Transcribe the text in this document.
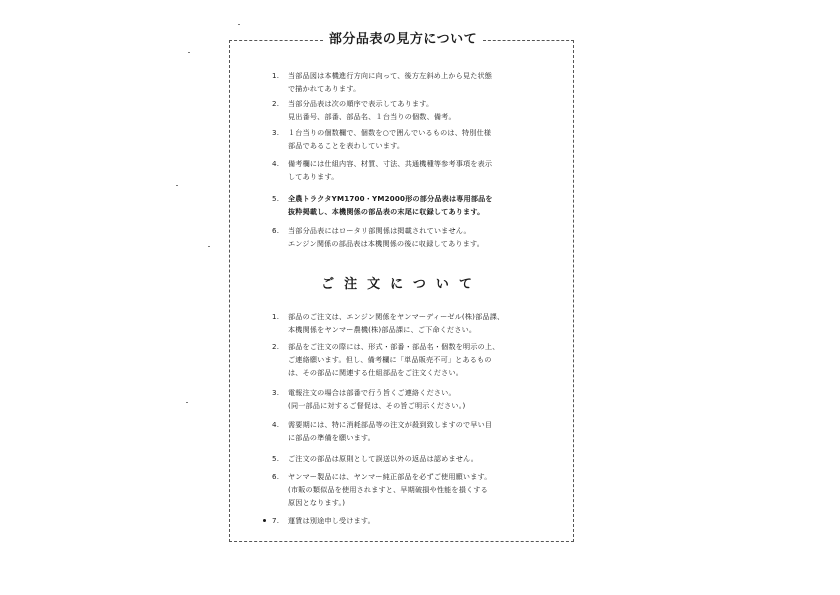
部分品表の見方について
1.	当部品図は本機進行方向に向って、後方左斜め上から見た状態
で描かれてあります。
2.	当部分品表は次の順序で表示してあります。
見出番号、部番、部品名、１台当りの個数、備考。
3.	１台当りの個数欄で、個数を○で囲んでいるものは、特別仕様
部品であることを表わしています。
4.	備考欄には仕組内容、材質、寸法、共通機種等参考事項を表示
してあります。
5.	全農トラクタYM1700・YM2000形の部分品表は専用部品を
抜粋掲載し、本機関係の部品表の末尾に収録してあります。
6.	当部分品表にはロータリ部関係は掲載されていません。
エンジン関係の部品表は本機関係の後に収録してあります。
ご注文について
1.	部品のご注文は、エンジン関係をヤンマーディーゼル(株)部品課、
本機関係をヤンマー農機(株)部品課に、ご下命ください。
2.	部品をご注文の際には、形式・部番・部品名・個数を明示の上、
ご連絡願います。但し、備考欄に「単品販売不可」とあるもの
は、その部品に関連する仕組部品をご注文ください。
3.	電報注文の場合は部番で行う旨くご連絡ください。
(同一部品に対するご督促は、その旨ご明示ください。)
4.	需要期には、特に消耗部品等の注文が殺到致しますので早い目
に部品の準備を願います。
5.	ご注文の部品は原則として誤送以外の返品は認めません。
6.	ヤンマー製品には、ヤンマー純正部品を必ずご使用願います。
(市販の類似品を使用されますと、早期破損や性能を損くする
原因となります。)
7.	運賃は別途申し受けます。
